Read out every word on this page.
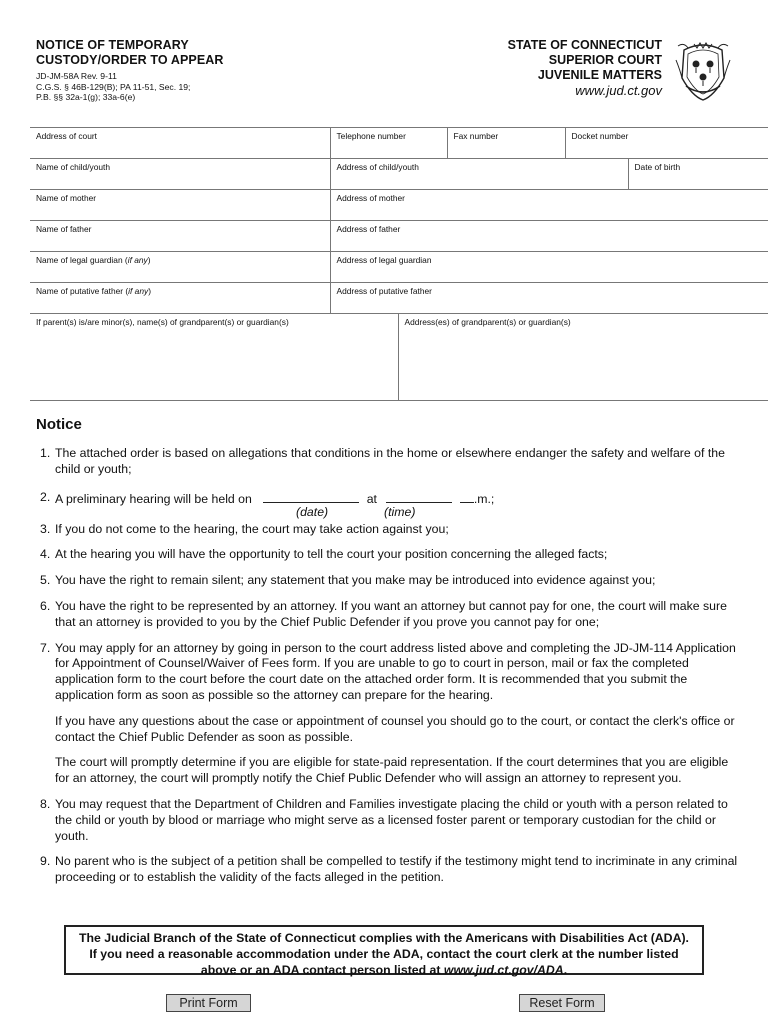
NOTICE OF TEMPORARY
CUSTODY/ORDER TO APPEAR
JD-JM-58A Rev. 9-11
C.G.S. § 46B-129(B); PA 11-51, Sec. 19;
P.B. §§ 32a-1(g); 33a-6(e)
STATE OF CONNECTICUT
SUPERIOR COURT
JUVENILE MATTERS
www.jud.ct.gov
Address of court	Telephone number		Fax number	Docket number	
Name of child/youth	Address of child/youth				Date of birth
Name of mother	Address of mother				
Name of father	Address of father				
Name of legal guardian (if any)	Address of legal guardian				
Name of putative father (if any)	Address of putative father				
If parent(s) is/are minor(s), name(s) of grandparent(s) or guardian(s)		Address(es) of grandparent(s) or guardian(s)			
Notice

1. The attached order is based on allegations that conditions in the home or elsewhere endanger the safety and welfare of the child or youth;

2. A preliminary hearing will be held on	at	.m.;
(date)	(time)

3. If you do not come to the hearing, the court may take action against you;

4. At the hearing you will have the opportunity to tell the court your position concerning the alleged facts;

5. You have the right to remain silent; any statement that you make may be introduced into evidence against you;

6. You have the right to be represented by an attorney. If you want an attorney but cannot pay for one, the court will make sure that an attorney is provided to you by the Chief Public Defender if you prove you cannot pay for one;

7. You may apply for an attorney by going in person to the court address listed above and completing the JD-JM-114 Application for Appointment of Counsel/Waiver of Fees form. If you are unable to go to court in person, mail or fax the completed application form to the court before the court date on the attached order form. It is recommended that you submit the application form as soon as possible so the attorney can prepare for the hearing.

If you have any questions about the case or appointment of counsel you should go to the court, or contact the clerk's office or contact the Chief Public Defender as soon as possible.

The court will promptly determine if you are eligible for state-paid representation. If the court determines that you are eligible for an attorney, the court will promptly notify the Chief Public Defender who will assign an attorney to represent you.

8. You may request that the Department of Children and Families investigate placing the child or youth with a person related to the child or youth by blood or marriage who might serve as a licensed foster parent or temporary custodian for the child or youth.

9. No parent who is the subject of a petition shall be compelled to testify if the testimony might tend to incriminate in any criminal proceeding or to establish the validity of the facts alleged in the petition.

The Judicial Branch of the State of Connecticut complies with the Americans with Disabilities Act (ADA).
If you need a reasonable accommodation under the ADA, contact the court clerk at the number listed
above or an ADA contact person listed at www.jud.ct.gov/ADA.
Print Form	Reset Form
